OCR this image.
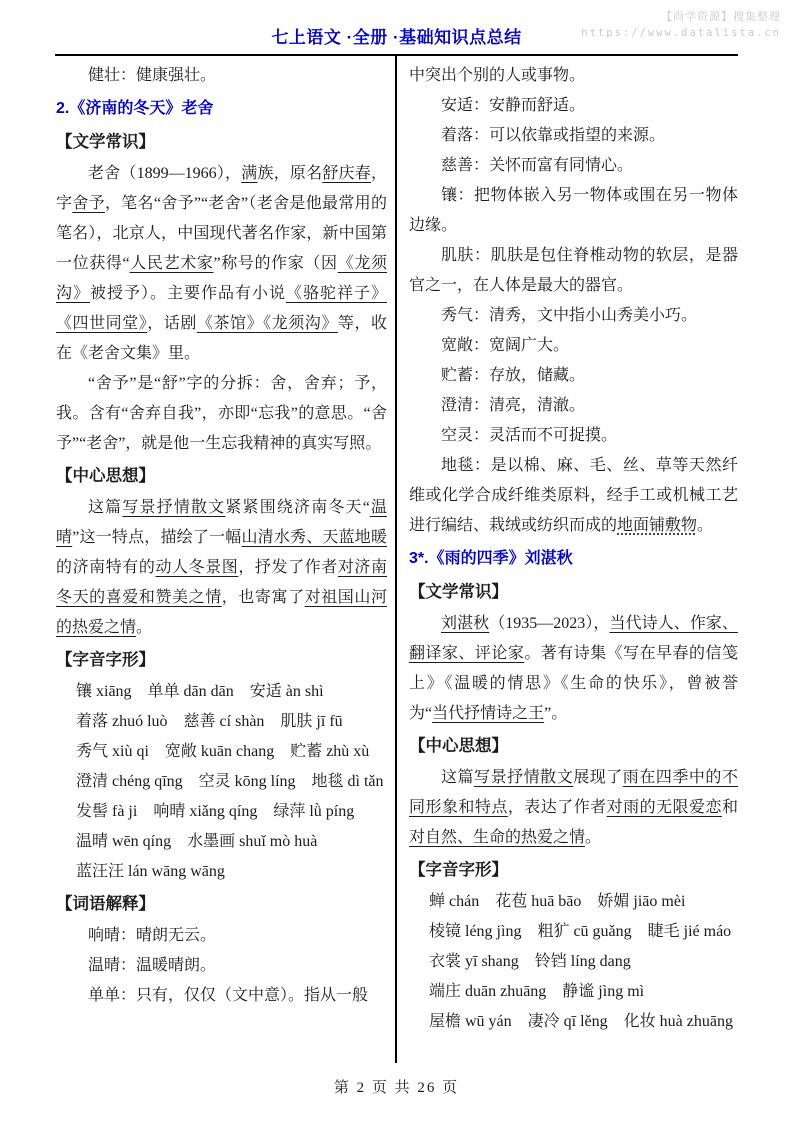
【尚学资源】搜集整理
https://www.datalista.cn
七上语文 ·全册 ·基础知识点总结
健壮：健康强壮。
2.《济南的冬天》老舍
【文学常识】
老舍（1899—1966），满族，原名舒庆春，字舍予，笔名“舍予”“老舍”（老舍是他最常用的笔名），北京人，中国现代著名作家，新中国第一位获得“人民艺术家”称号的作家（因《龙须沟》被授予）。主要作品有小说《骆驼祥子》《四世同堂》，话剧《茶馆》《龙须沟》等，收在《老舍文集》里。
“舍予”是“舒”字的分拆：舍，舍弃；予，我。含有“舍弃自我”，亦即“忘我”的意思。“舍予”“老舍”，就是他一生忘我精神的真实写照。
【中心思想】
这篇写景抒情散文紧紧围绕济南冬天“温晴”这一特点，描绘了一幅山清水秀、天蓝地暖的济南特有的动人冬景图，抒发了作者对济南冬天的喜爱和赞美之情，也寄寓了对祖国山河的热爱之情。
【字音字形】
镶 xiāng　单单 dān dān　安适 àn shì
着落 zhuó luò　慈善 cí shàn　肌肤 jī fū
秀气 xiù qi　宽敞 kuān chang　贮蓄 zhù xù
澄清 chéng qīng　空灵 kōng líng　地毯 dì tǎn
发髻 fà ji　响晴 xiǎng qíng　绿萍 lǜ píng
温晴 wēn qíng　水墨画 shuǐ mò huà
蓝汪汪 lán wāng wāng
【词语解释】
响晴：晴朗无云。
温晴：温暖晴朗。
单单：只有，仅仅（文中意）。指从一般
中突出个别的人或事物。
安适：安静而舒适。
着落：可以依靠或指望的来源。
慈善：关怀而富有同情心。
镶：把物体嵌入另一物体或围在另一物体边缘。
肌肤：肌肤是包住脊椎动物的软层，是器官之一，在人体是最大的器官。
秀气：清秀，文中指小山秀美小巧。
宽敞：宽阔广大。
贮蓄：存放，储藏。
澄清：清亮，清澈。
空灵：灵活而不可捉摸。
地毯：是以棉、麻、毛、丝、草等天然纤维或化学合成纤维类原料，经手工或机械工艺进行编结、栽绒或纺织而成的地面铺敷物。
3*.《雨的四季》刘湛秋
【文学常识】
刘湛秋（1935—2023），当代诗人、作家、翻译家、评论家。著有诗集《写在早春的信笺上》《温暖的情思》《生命的快乐》，曾被誉为“当代抒情诗之王”。
【中心思想】
这篇写景抒情散文展现了雨在四季中的不同形象和特点，表达了作者对雨的无限爱恋和对自然、生命的热爱之情。
【字音字形】
蝉 chán　花苞 huā bāo　娇媚 jiāo mèi
棱镜 léng jìng　粗犷 cū guǎng　睫毛 jié máo
衣裳 yī shang　铃铛 líng dang
端庄 duān zhuāng　静谧 jìng mì
屋檐 wū yán　凄冷 qī lěng　化妆 huà zhuāng
第 2 页 共 26 页
